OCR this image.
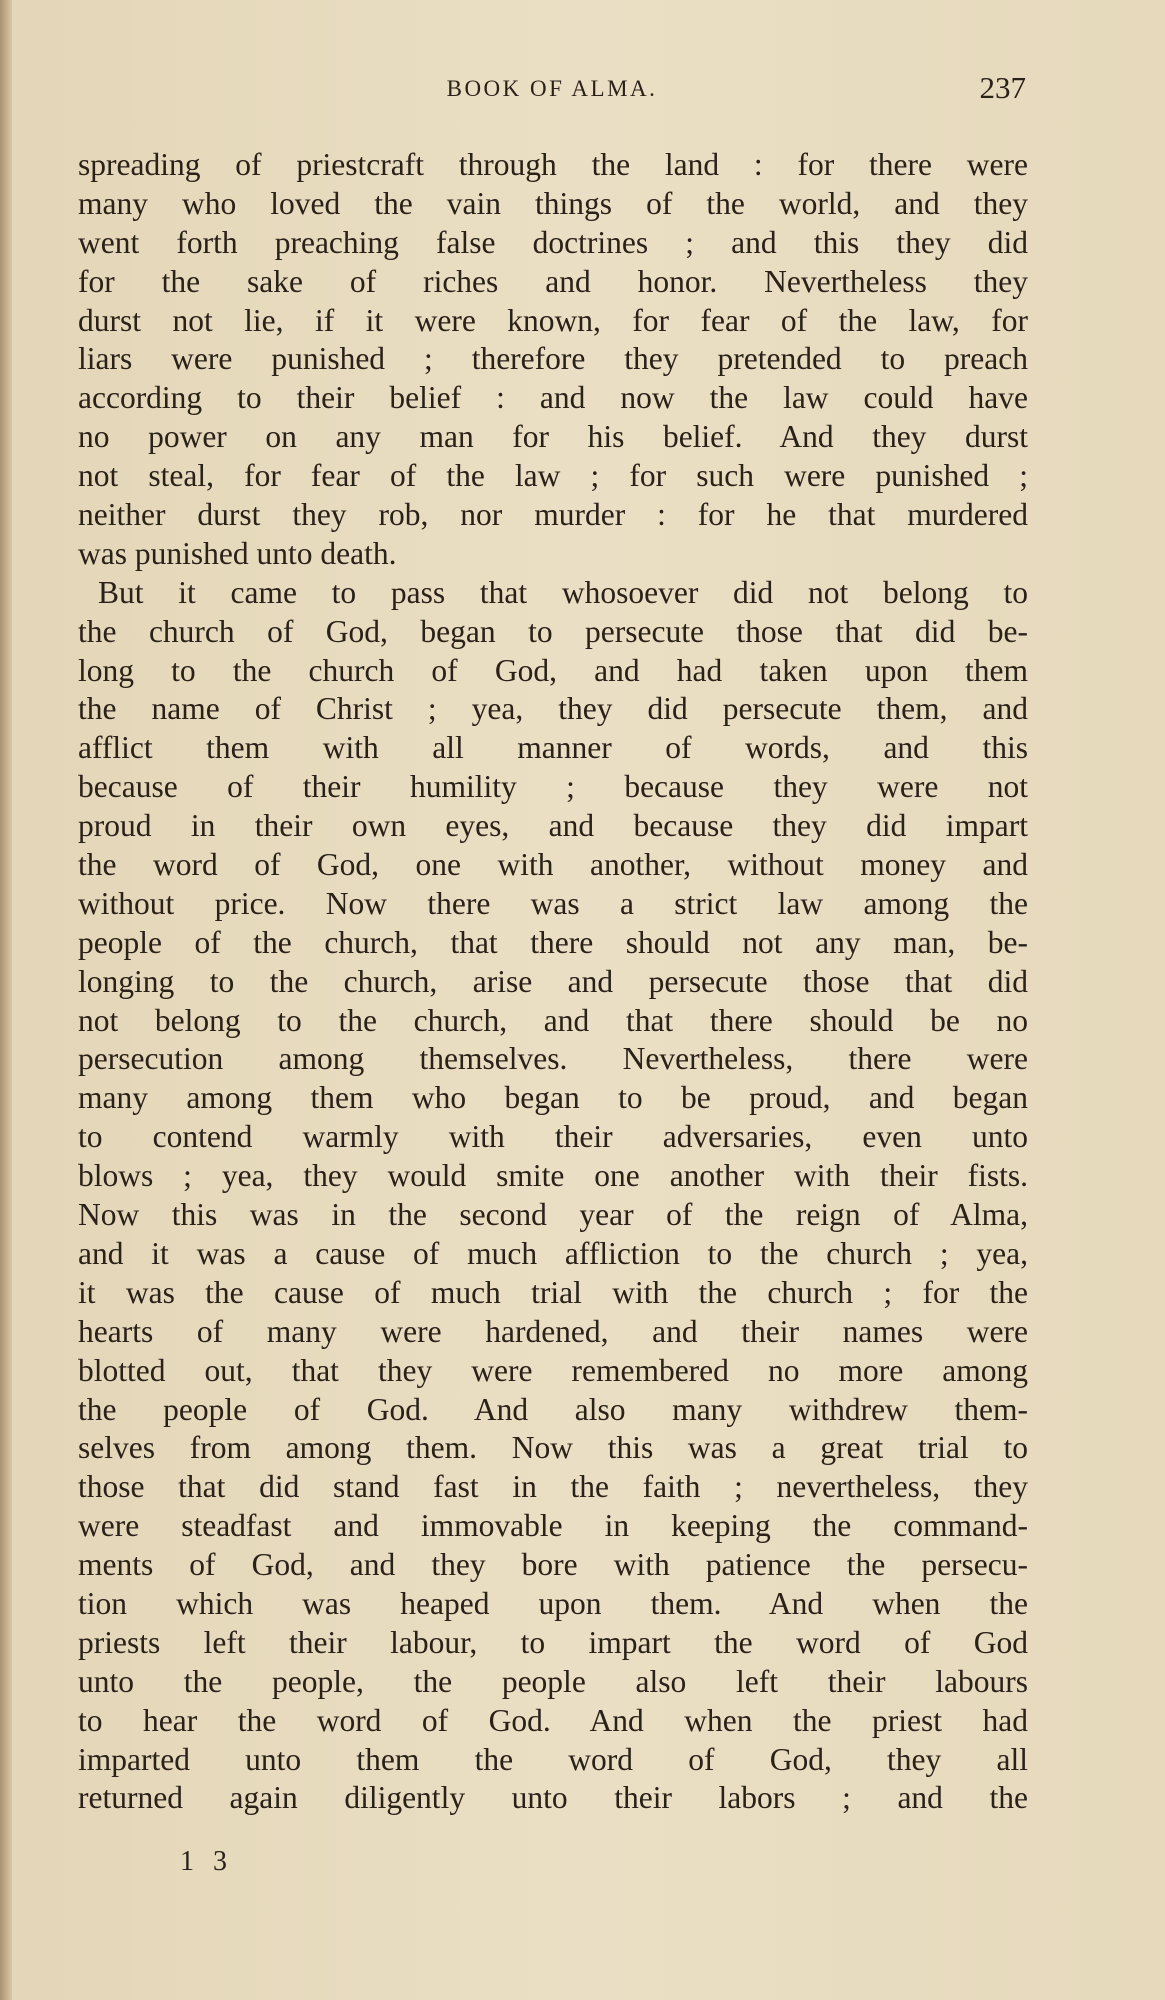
BOOK OF ALMA.	237
spreading of priestcraft through the land : for there were
many who loved the vain things of the world, and they
went forth preaching false doctrines ; and this they did
for the sake of riches and honor. Nevertheless they
durst not lie, if it were known, for fear of the law, for
liars were punished ; therefore they pretended to preach
according to their belief : and now the law could have
no power on any man for his belief. And they durst
not steal, for fear of the law ; for such were punished ;
neither durst they rob, nor murder : for he that murdered
was punished unto death.
But it came to pass that whosoever did not belong to
the church of God, began to persecute those that did be-
long to the church of God, and had taken upon them
the name of Christ ; yea, they did persecute them, and
afflict them with all manner of words, and this
because of their humility ; because they were not
proud in their own eyes, and because they did impart
the word of God, one with another, without money and
without price. Now there was a strict law among the
people of the church, that there should not any man, be-
longing to the church, arise and persecute those that did
not belong to the church, and that there should be no
persecution among themselves. Nevertheless, there were
many among them who began to be proud, and began
to contend warmly with their adversaries, even unto
blows ; yea, they would smite one another with their fists.
Now this was in the second year of the reign of Alma,
and it was a cause of much affliction to the church ; yea,
it was the cause of much trial with the church ; for the
hearts of many were hardened, and their names were
blotted out, that they were remembered no more among
the people of God. And also many withdrew them-
selves from among them. Now this was a great trial to
those that did stand fast in the faith ; nevertheless, they
were steadfast and immovable in keeping the command-
ments of God, and they bore with patience the persecu-
tion which was heaped upon them. And when the
priests left their labour, to impart the word of God
unto the people, the people also left their labours
to hear the word of God. And when the priest had
imparted unto them the word of God, they all
returned again diligently unto their labors ; and the
1 3
